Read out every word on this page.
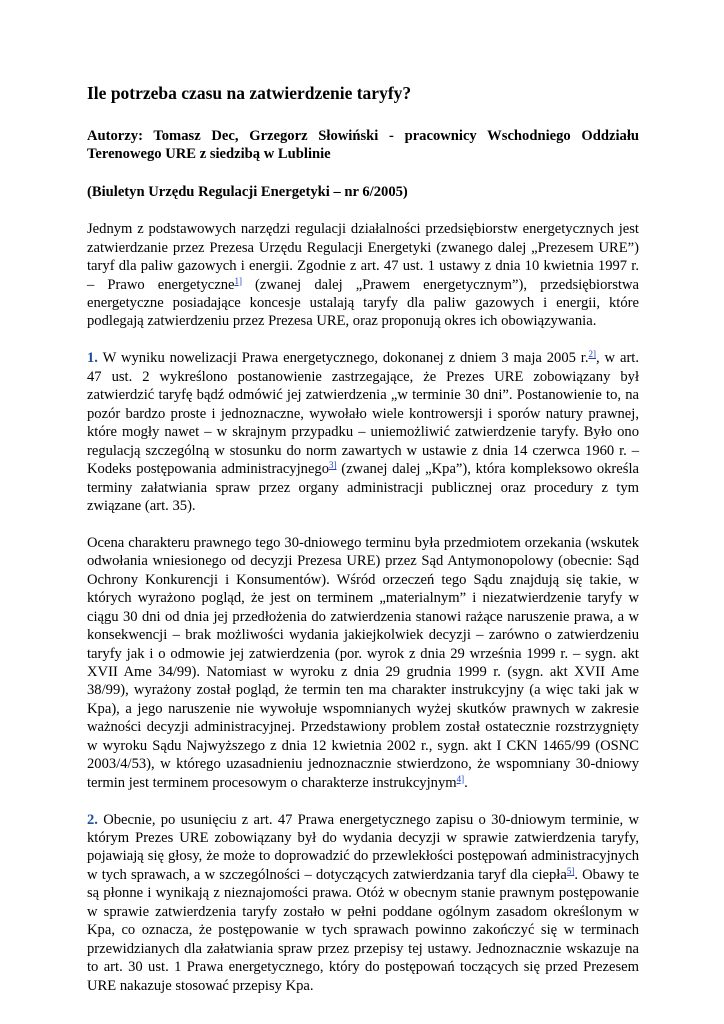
Ile potrzeba czasu na zatwierdzenie taryfy?

Autorzy: Tomasz Dec, Grzegorz Słowiński - pracownicy Wschodniego Oddziału Terenowego URE z siedzibą w Lublinie

(Biuletyn Urzędu Regulacji Energetyki – nr 6/2005)

Jednym z podstawowych narzędzi regulacji działalności przedsiębiorstw energetycznych jest zatwierdzanie przez Prezesa Urzędu Regulacji Energetyki (zwanego dalej „Prezesem URE”) taryf dla paliw gazowych i energii. Zgodnie z art. 47 ust. 1 ustawy z dnia 10 kwietnia 1997 r. – Prawo energetyczne$^{1]}$ (zwanej dalej „Prawem energetycznym”), przedsiębiorstwa energetyczne posiadające koncesje ustalają taryfy dla paliw gazowych i energii, które podlegają zatwierdzeniu przez Prezesa URE, oraz proponują okres ich obowiązywania.

1. W wyniku nowelizacji Prawa energetycznego, dokonanej z dniem 3 maja 2005 r.$^{2]}$, w art. 47 ust. 2 wykreślono postanowienie zastrzegające, że Prezes URE zobowiązany był zatwierdzić taryfę bądź odmówić jej zatwierdzenia „w terminie 30 dni”. Postanowienie to, na pozór bardzo proste i jednoznaczne, wywołało wiele kontrowersji i sporów natury prawnej, które mogły nawet – w skrajnym przypadku – uniemożliwić zatwierdzenie taryfy. Było ono regulacją szczególną w stosunku do norm zawartych w ustawie z dnia 14 czerwca 1960 r. – Kodeks postępowania administracyjnego$^{3]}$ (zwanej dalej „Kpa”), która kompleksowo określa terminy załatwiania spraw przez organy administracji publicznej oraz procedury z tym związane (art. 35).

Ocena charakteru prawnego tego 30-dniowego terminu była przedmiotem orzekania (wskutek odwołania wniesionego od decyzji Prezesa URE) przez Sąd Antymonopolowy (obecnie: Sąd Ochrony Konkurencji i Konsumentów). Wśród orzeczeń tego Sądu znajdują się takie, w których wyrażono pogląd, że jest on terminem „materialnym” i niezatwierdzenie taryfy w ciągu 30 dni od dnia jej przedłożenia do zatwierdzenia stanowi rażące naruszenie prawa, a w konsekwencji – brak możliwości wydania jakiejkolwiek decyzji – zarówno o zatwierdzeniu taryfy jak i o odmowie jej zatwierdzenia (por. wyrok z dnia 29 września 1999 r. – sygn. akt XVII Ame 34/99). Natomiast w wyroku z dnia 29 grudnia 1999 r. (sygn. akt XVII Ame 38/99), wyrażony został pogląd, że termin ten ma charakter instrukcyjny (a więc taki jak w Kpa), a jego naruszenie nie wywołuje wspomnianych wyżej skutków prawnych w zakresie ważności decyzji administracyjnej. Przedstawiony problem został ostatecznie rozstrzygnięty w wyroku Sądu Najwyższego z dnia 12 kwietnia 2002 r., sygn. akt I CKN 1465/99 (OSNC 2003/4/53), w którego uzasadnieniu jednoznacznie stwierdzono, że wspomniany 30-dniowy termin jest terminem procesowym o charakterze instrukcyjnym$^{4]}$.

2. Obecnie, po usunięciu z art. 47 Prawa energetycznego zapisu o 30-dniowym terminie, w którym Prezes URE zobowiązany był do wydania decyzji w sprawie zatwierdzenia taryfy, pojawiają się głosy, że może to doprowadzić do przewlekłości postępowań administracyjnych w tych sprawach, a w szczególności – dotyczących zatwierdzania taryf dla ciepła$^{5]}$. Obawy te są płonne i wynikają z nieznajomości prawa. Otóż w obecnym stanie prawnym postępowanie w sprawie zatwierdzenia taryfy zostało w pełni poddane ogólnym zasadom określonym w Kpa, co oznacza, że postępowanie w tych sprawach powinno zakończyć się w terminach przewidzianych dla załatwiania spraw przez przepisy tej ustawy. Jednoznacznie wskazuje na to art. 30 ust. 1 Prawa energetycznego, który do postępowań toczących się przed Prezesem URE nakazuje stosować przepisy Kpa.
